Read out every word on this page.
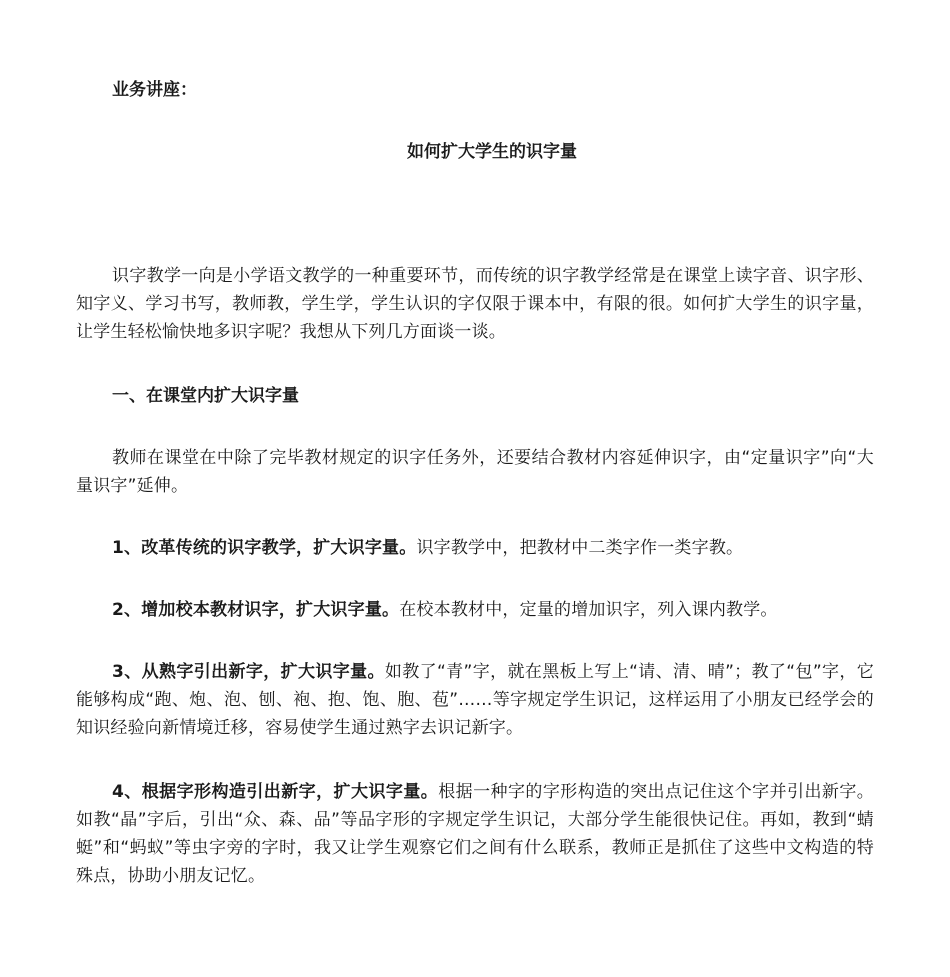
业务讲座：
如何扩大学生的识字量
识字教学一向是小学语文教学的一种重要环节，而传统的识字教学经常是在课堂上读字音、识字形、知字义、学习书写，教师教，学生学，学生认识的字仅限于课本中，有限的很。如何扩大学生的识字量，让学生轻松愉快地多识字呢？我想从下列几方面谈一谈。
一、在课堂内扩大识字量
教师在课堂在中除了完毕教材规定的识字任务外，还要结合教材内容延伸识字，由“定量识字”向“大量识字”延伸。
1、改革传统的识字教学，扩大识字量。识字教学中，把教材中二类字作一类字教。
2、增加校本教材识字，扩大识字量。在校本教材中，定量的增加识字，列入课内教学。
3、从熟字引出新字，扩大识字量。如教了“青”字，就在黑板上写上“请、清、晴”；教了“包”字，它能够构成“跑、炮、泡、刨、袍、抱、饱、胞、苞”……等字规定学生识记，这样运用了小朋友已经学会的知识经验向新情境迁移，容易使学生通过熟字去识记新字。
4、根据字形构造引出新字，扩大识字量。根据一种字的字形构造的突出点记住这个字并引出新字。如教“晶”字后，引出“众、森、品”等品字形的字规定学生识记，大部分学生能很快记住。再如，教到“蜻蜓”和“蚂蚁”等虫字旁的字时，我又让学生观察它们之间有什么联系，教师正是抓住了这些中文构造的特殊点，协助小朋友记忆。
